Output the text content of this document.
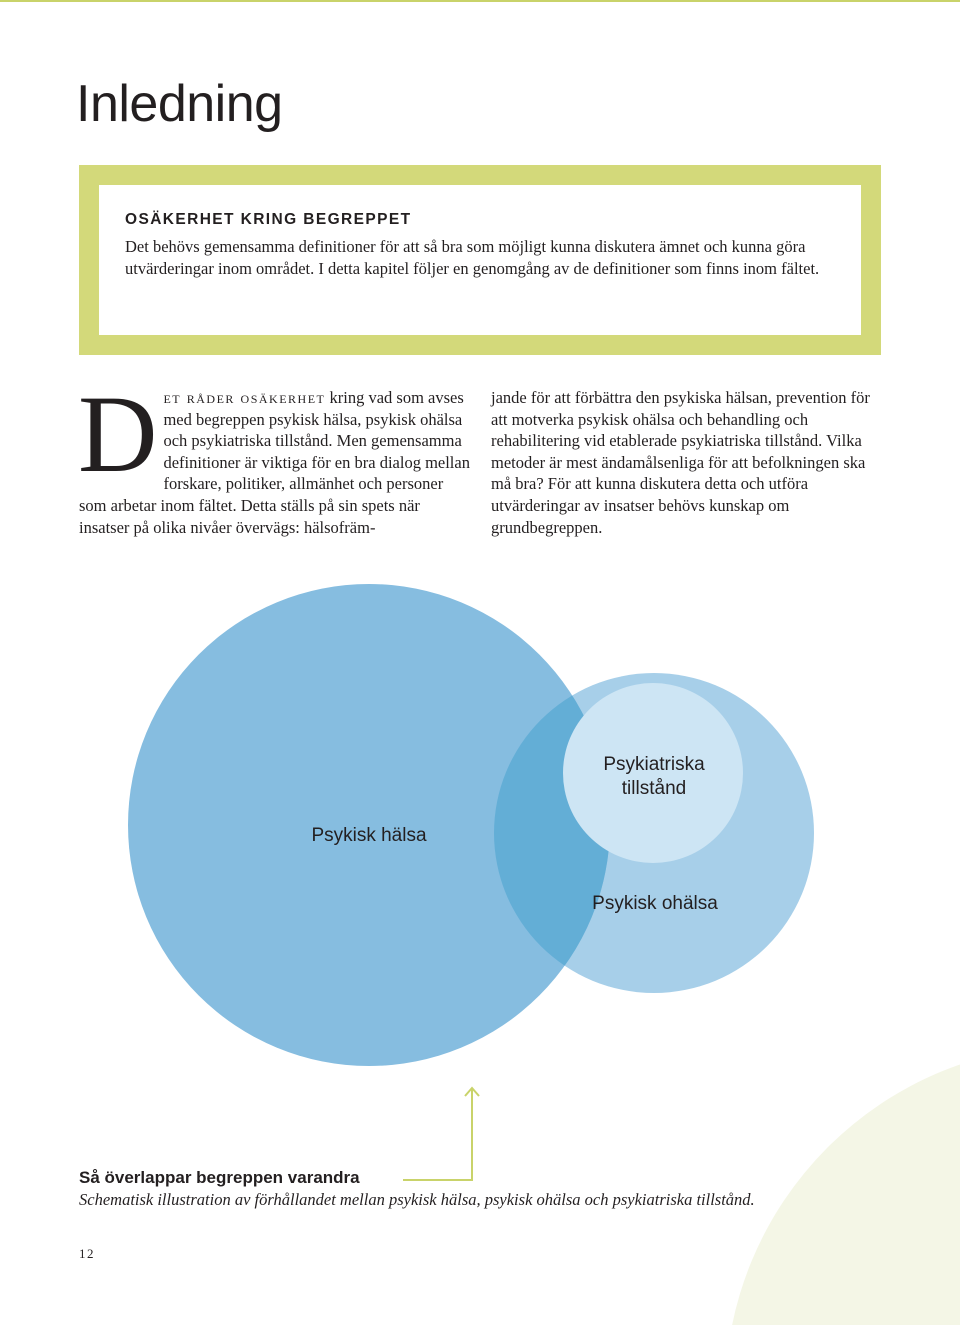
Inledning
OSÄKERHET KRING BEGREPPET
Det behövs gemensamma definitioner för att så bra som möjligt kunna diskutera ämnet och kunna göra utvärderingar inom området. I detta kapitel följer en genomgång av de definitioner som finns inom fältet.
Det råder osäkerhet kring vad som avses med begreppen psykisk hälsa, psykisk ohälsa och psykiatriska tillstånd. Men gemensamma definitioner är viktiga för en bra dialog mellan forskare, politiker, allmänhet och personer som arbetar inom fältet. Detta ställs på sin spets när insatser på olika nivåer övervägs: hälsofräm-
jande för att förbättra den psykiska hälsan, prevention för att motverka psykisk ohälsa och behandling och rehabilitering vid etablerade psykiatriska tillstånd. Vilka metoder är mest ändamålsenliga för att befolkningen ska må bra? För att kunna diskutera detta och utföra utvärderingar av insatser behövs kunskap om grundbegreppen.
Psykisk hälsa
Psykiatriska
tillstånd
Psykisk ohälsa
Så överlappar begreppen varandra
Schematisk illustration av förhållandet mellan psykisk hälsa, psykisk ohälsa och psykiatriska tillstånd.
12
